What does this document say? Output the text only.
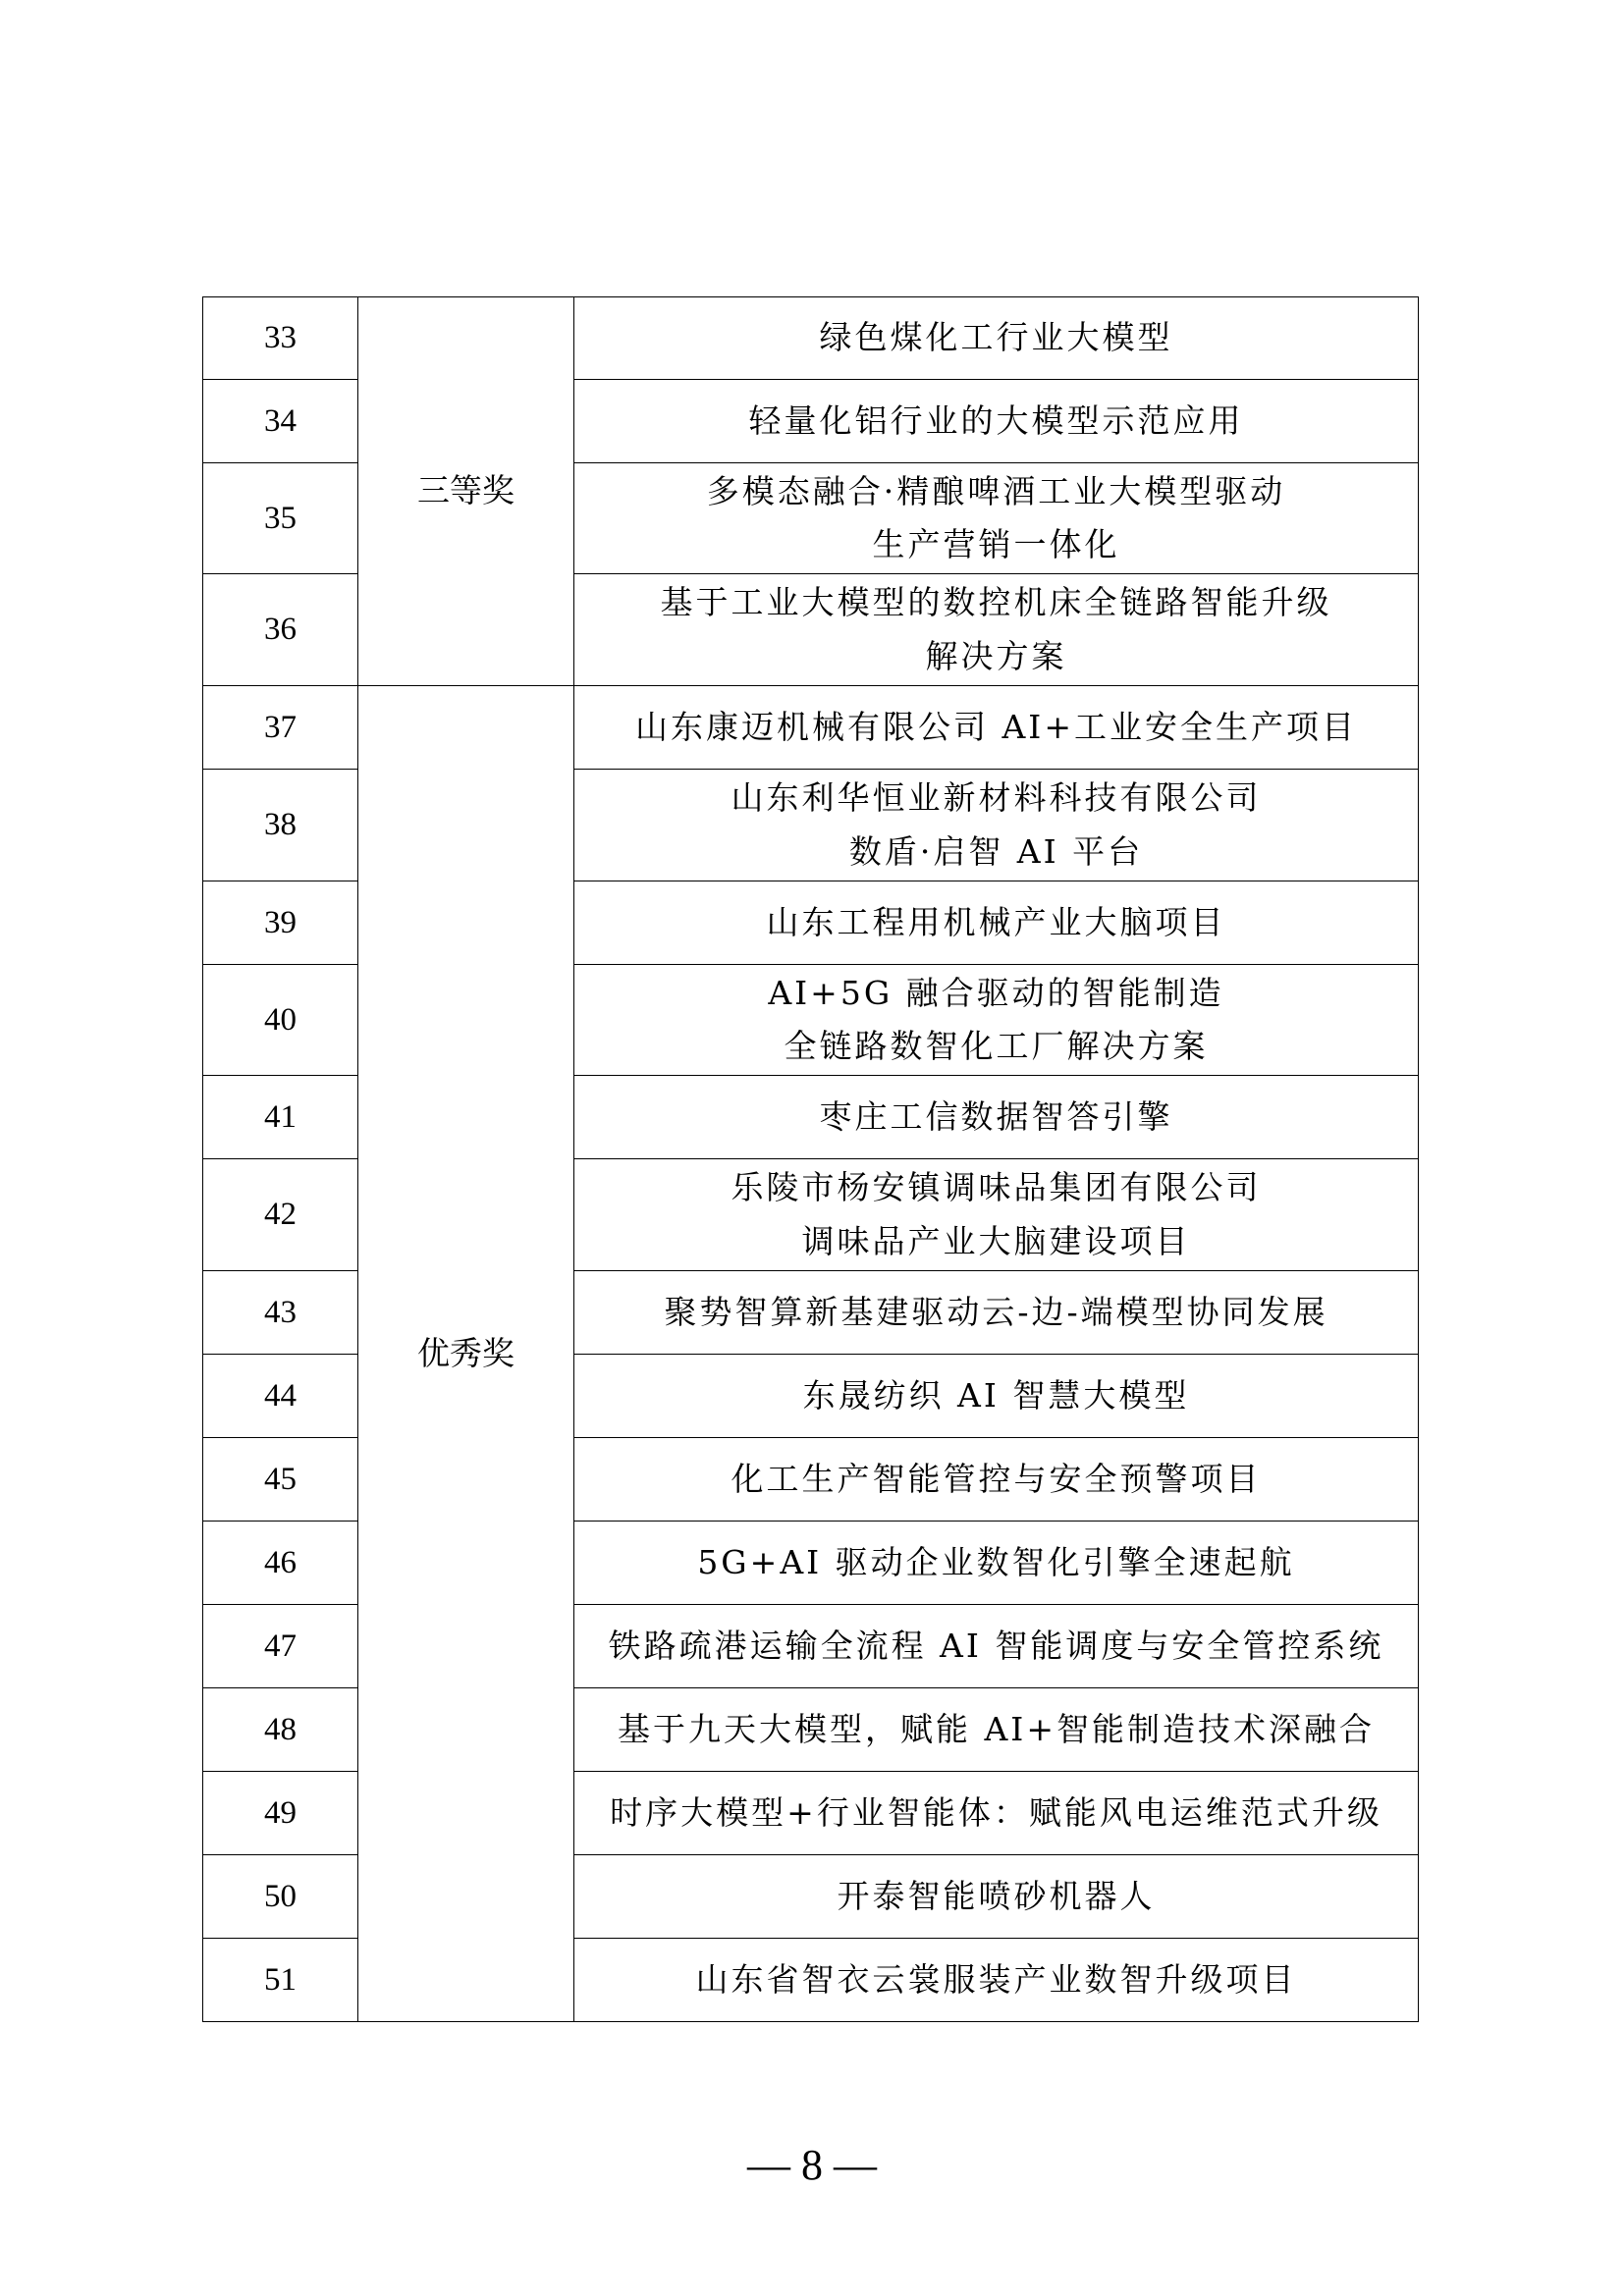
33	三等奖	绿色煤化工行业大模型

34		轻量化铝行业的大模型示范应用

35		多模态融合·精酿啤酒工业大模型驱动
生产营销一体化

36		基于工业大模型的数控机床全链路智能升级
解决方案

37	优秀奖	山东康迈机械有限公司 AI+工业安全生产项目

38		山东利华恒业新材料科技有限公司
数盾·启智 AI 平台

39		山东工程用机械产业大脑项目

40		AI+5G 融合驱动的智能制造
全链路数智化工厂解决方案

41		枣庄工信数据智答引擎

42		乐陵市杨安镇调味品集团有限公司
调味品产业大脑建设项目

43		聚势智算新基建驱动云-边-端模型协同发展

44		东晟纺织 AI 智慧大模型

45		化工生产智能管控与安全预警项目

46		5G+AI 驱动企业数智化引擎全速起航

47		铁路疏港运输全流程 AI 智能调度与安全管控系统

48		基于九天大模型，赋能 AI+智能制造技术深融合

49		时序大模型+行业智能体：赋能风电运维范式升级

50		开泰智能喷砂机器人

51		山东省智衣云裳服装产业数智升级项目
— 8 —
